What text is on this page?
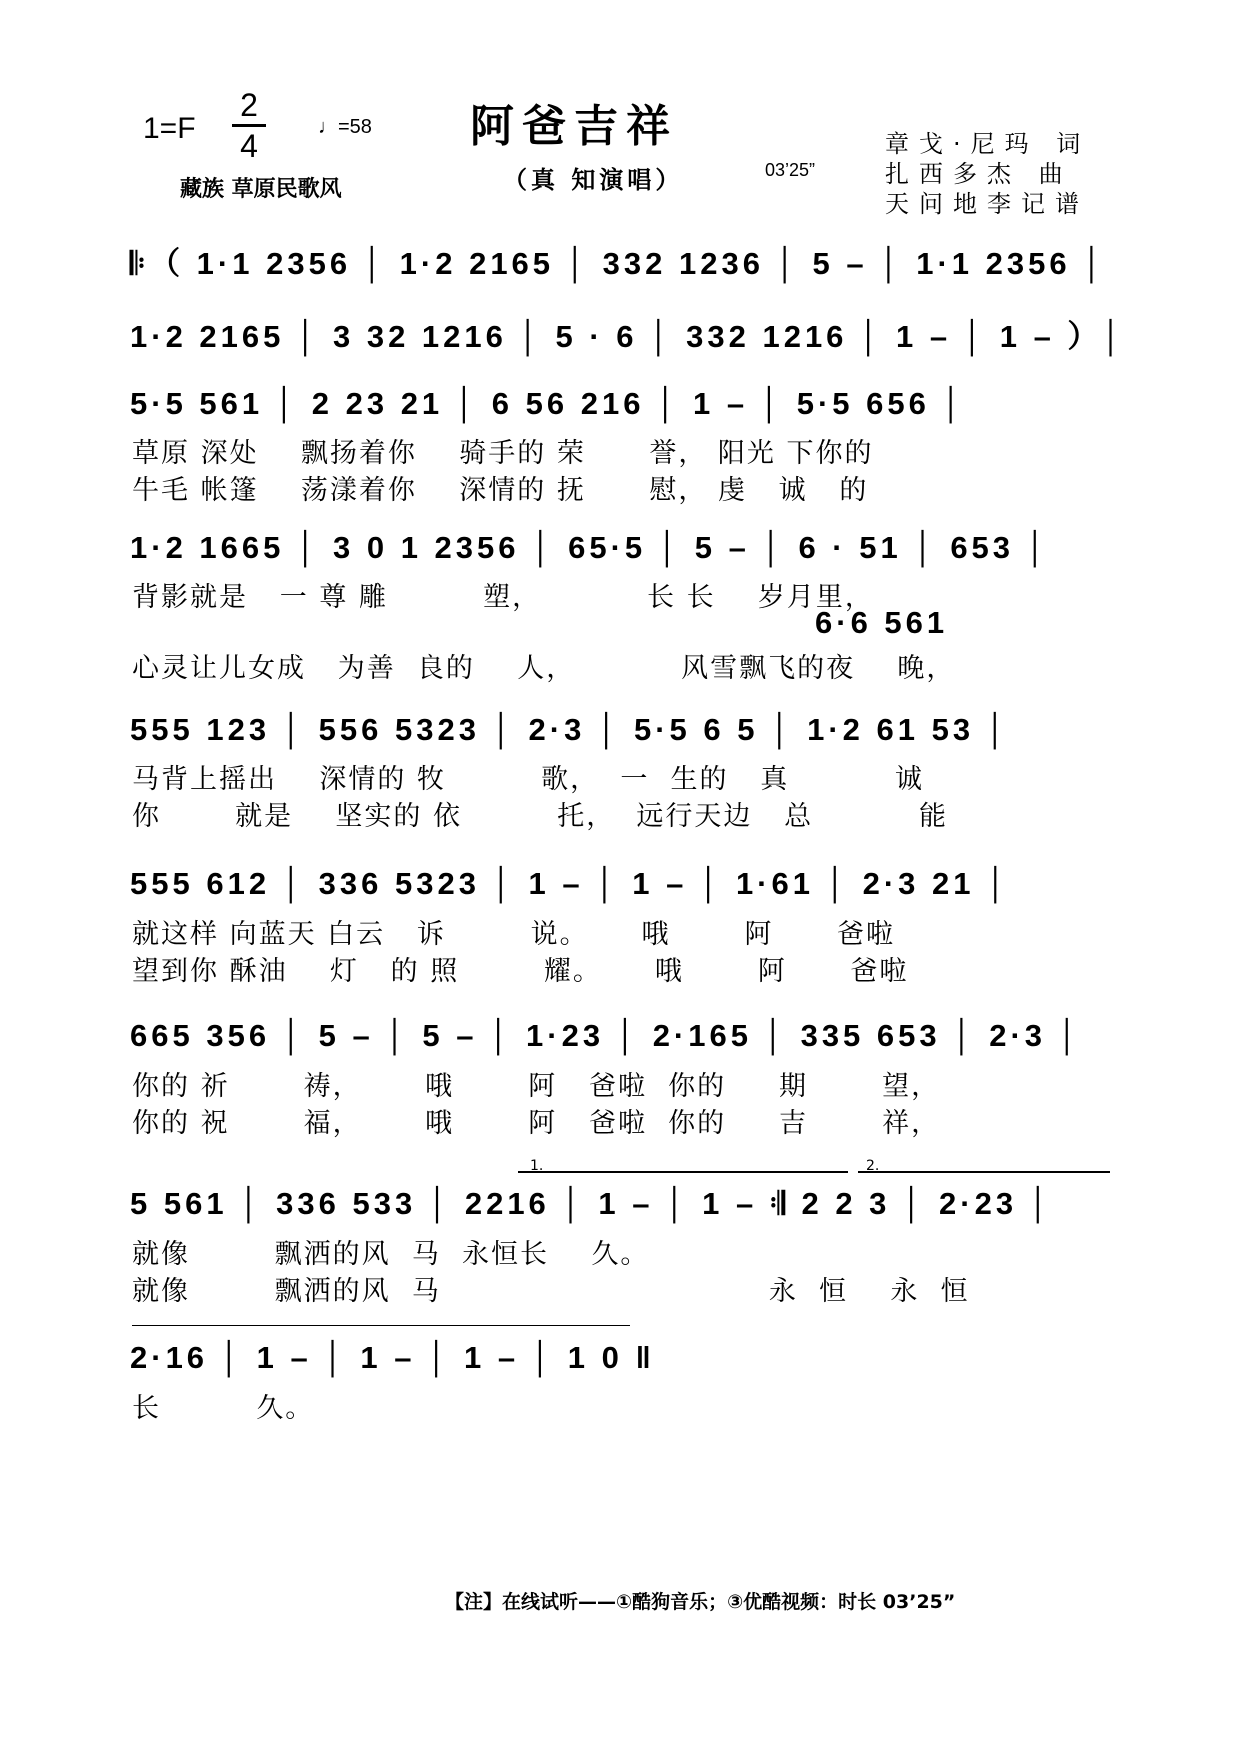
1=F
2
4
♩=58 阿爸吉祥
（真 知演唱）	03’25”
藏族 草原民歌风
章戈·尼玛 词
扎西多杰 曲
天问地李记谱
𝄆（ 1·1 2356 │ 1·2 2165 │ 332 1236 │ 5 – │ 1·1 2356 │
1·2 2165 │ 3 32 1216 │ 5 · 6 │ 332 1216 │ 1 – │ 1 – ）│
5·5 561 │ 2 23 21 │ 6 56 216 │ 1 – │ 5·5 656 │
草原 深处    飘扬着你    骑手的 荣      誉， 阳光 下你的
牛毛 帐篷    荡漾着你    深情的 抚      慰， 虔   诚   的
1·2 1665 │ 3 0 1 2356 │ 65·5 │ 5 – │ 6 · 51 │ 653 │
背影就是   一 尊 雕         塑，          长 长    岁月里，
6·6 561
心灵让儿女成   为善  良的    人，          风雪飘飞的夜    晚，
555 123 │ 556 5323 │ 2·3 │ 5·5 6 5 │ 1·2 61 53 │
马背上摇出    深情的 牧         歌，  一  生的   真          诚
你       就是    坚实的 依         托，  远行天边   总          能
555 612 │ 336 5323 │ 1 – │ 1 – │ 1·61 │ 2·3 21 │
就这样 向蓝天 白云   诉        说。     哦       阿      爸啦
望到你 酥油    灯   的 照        耀。     哦       阿      爸啦
665 356 │ 5 – │ 5 – │ 1·23 │ 2·165 │ 335 653 │ 2·3 │
你的 祈       祷，      哦       阿   爸啦  你的     期       望，
你的 祝       福，      哦       阿   爸啦  你的     吉       祥，
1.	2.
5 561 │ 336 533 │ 2216 │ 1 – │ 1 – 𝄇 2 2 3 │ 2·23 │
就像        飘洒的风  马  永恒长    久。
就像        飘洒的风  马                               永  恒    永  恒
2·16 │ 1 – │ 1 – │ 1 – │ 1 0 ‖
长         久。
【注】在线试听——①酷狗音乐；③优酷视频：时长 03’25”
